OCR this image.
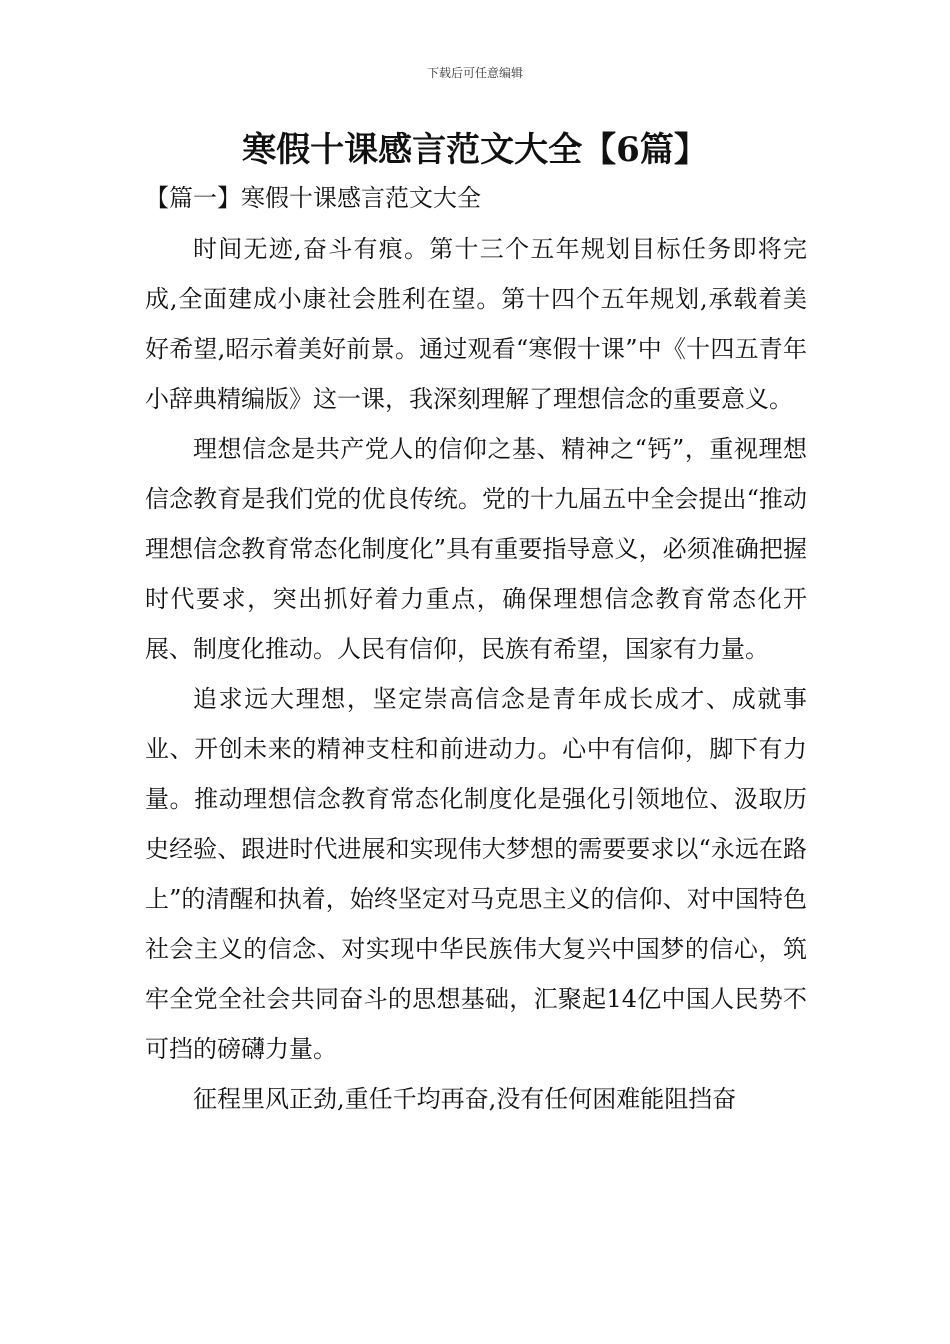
下载后可任意编辑
寒假十课感言范文大全【6篇】
【篇一】寒假十课感言范文大全

时间无迹,奋斗有痕。第十三个五年规划目标任务即将完成,全面建成小康社会胜利在望。第十四个五年规划,承载着美好希望,昭示着美好前景。通过观看“寒假十课”中《十四五青年小辞典精编版》这一课，我深刻理解了理想信念的重要意义。

理想信念是共产党人的信仰之基、精神之“钙”，重视理想信念教育是我们党的优良传统。党的十九届五中全会提出“推动理想信念教育常态化制度化”具有重要指导意义，必须准确把握时代要求，突出抓好着力重点，确保理想信念教育常态化开展、制度化推动。人民有信仰，民族有希望，国家有力量。

追求远大理想，坚定崇高信念是青年成长成才、成就事业、开创未来的精神支柱和前进动力。心中有信仰，脚下有力量。推动理想信念教育常态化制度化是强化引领地位、汲取历史经验、跟进时代进展和实现伟大梦想的需要要求以“永远在路上”的清醒和执着，始终坚定对马克思主义的信仰、对中国特色社会主义的信念、对实现中华民族伟大复兴中国梦的信心，筑牢全党全社会共同奋斗的思想基础，汇聚起14亿中国人民势不可挡的磅礴力量。

征程里风正劲,重任千均再奋,没有任何困难能阻挡奋
